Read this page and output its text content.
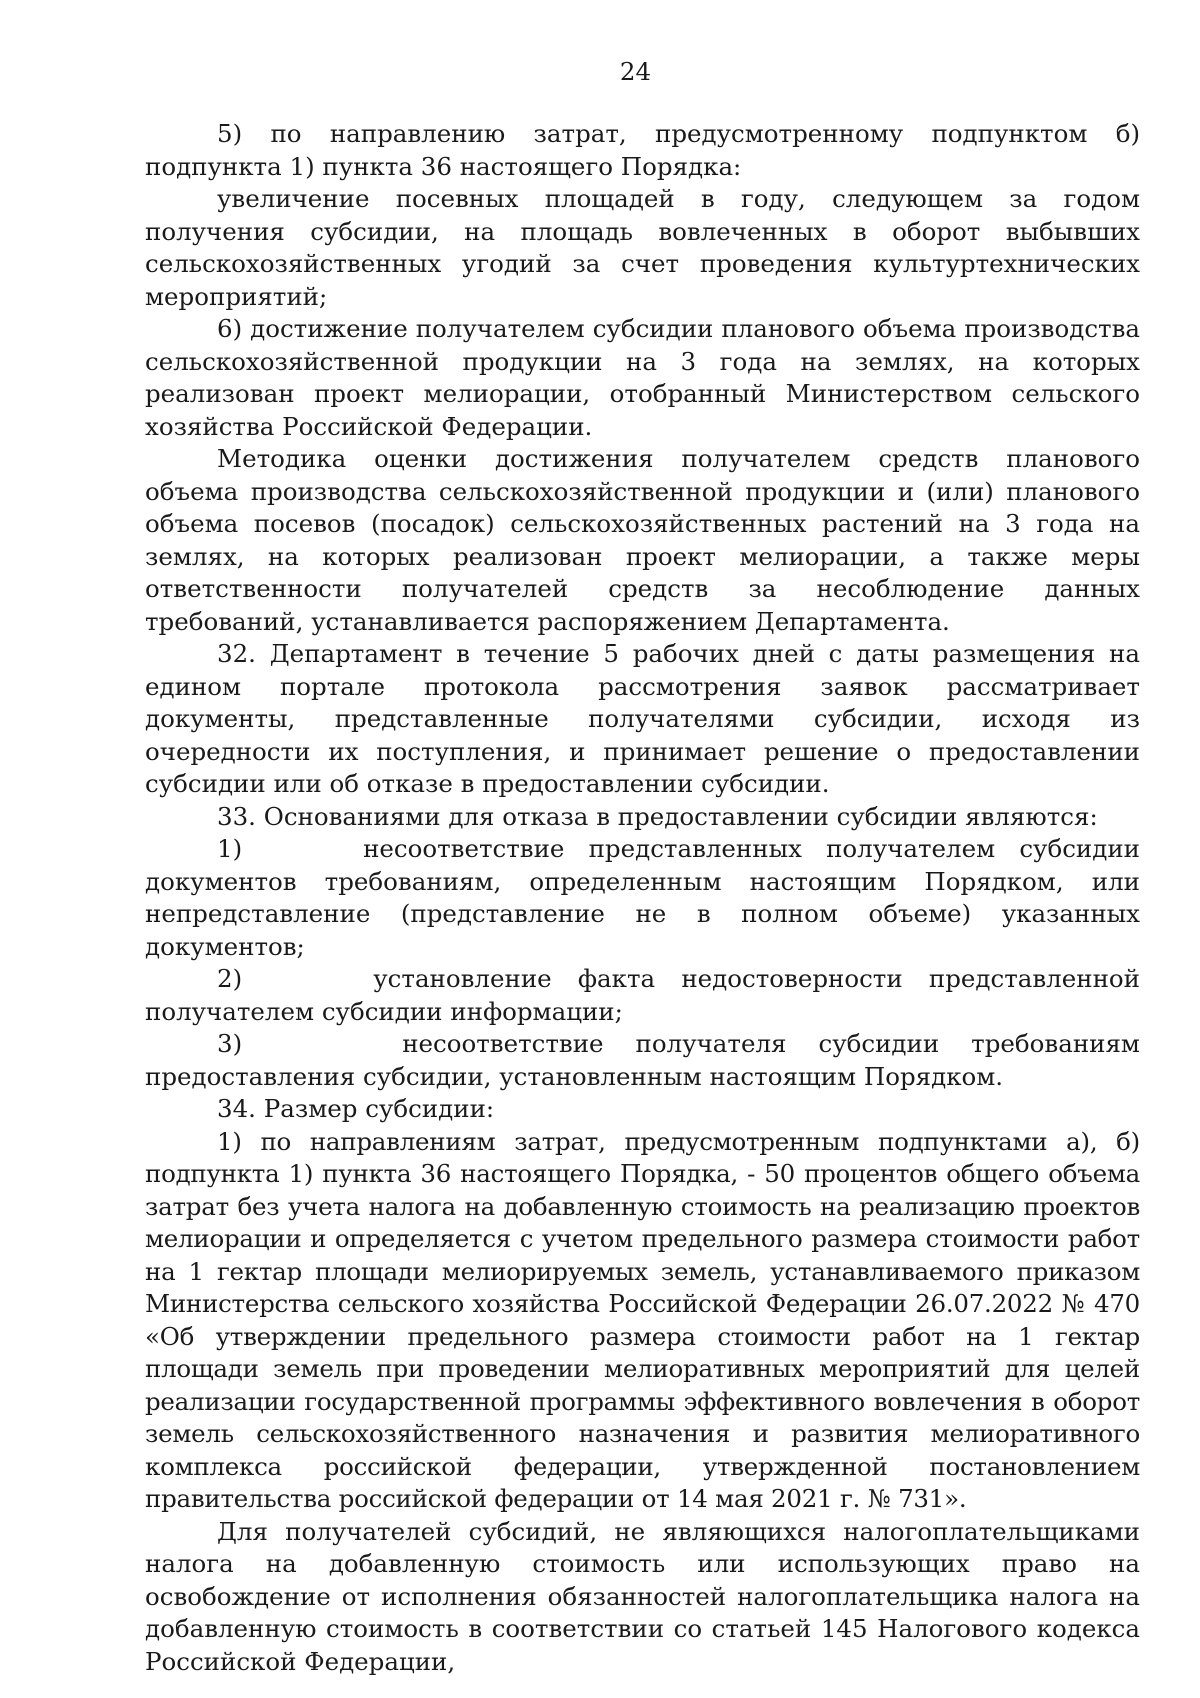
24

5) по направлению затрат, предусмотренному подпунктом б) подпункта 1) пункта 36 настоящего Порядка:

увеличение посевных площадей в году, следующем за годом получения субсидии, на площадь вовлеченных в оборот выбывших сельскохозяйственных угодий за счет проведения культуртехнических мероприятий;

6) достижение получателем субсидии планового объема производства сельскохозяйственной продукции на 3 года на землях, на которых реализован проект мелиорации, отобранный Министерством сельского хозяйства Российской Федерации.

Методика оценки достижения получателем средств планового объема производства сельскохозяйственной продукции и (или) планового объема посевов (посадок) сельскохозяйственных растений на 3 года на землях, на которых реализован проект мелиорации, а также меры ответственности получателей средств за несоблюдение данных требований, устанавливается распоряжением Департамента.

32. Департамент в течение 5 рабочих дней с даты размещения на едином портале протокола рассмотрения заявок рассматривает документы, представленные получателями субсидии, исходя из очередности их поступления, и принимает решение о предоставлении субсидии или об отказе в предоставлении субсидии.

33. Основаниями для отказа в предоставлении субсидии являются:

1)     несоответствие представленных получателем субсидии документов требованиям, определенным настоящим Порядком, или непредставление (представление не в полном объеме) указанных документов;

2)     установление факта недостоверности представленной получателем субсидии информации;

3)     несоответствие получателя субсидии требованиям предоставления субсидии, установленным настоящим Порядком.

34. Размер субсидии:

1) по направлениям затрат, предусмотренным подпунктами а), б) подпункта 1) пункта 36 настоящего Порядка, - 50 процентов общего объема затрат без учета налога на добавленную стоимость на реализацию проектов мелиорации и определяется с учетом предельного размера стоимости работ на 1 гектар площади мелиорируемых земель, устанавливаемого приказом Министерства сельского хозяйства Российской Федерации 26.07.2022 № 470 «Об утверждении предельного размера стоимости работ на 1 гектар площади земель при проведении мелиоративных мероприятий для целей реализации государственной программы эффективного вовлечения в оборот земель сельскохозяйственного назначения и развития мелиоративного комплекса российской федерации, утвержденной постановлением правительства российской федерации от 14 мая 2021 г. № 731».

Для получателей субсидий, не являющихся налогоплательщиками налога на добавленную стоимость или использующих право на освобождение от исполнения обязанностей налогоплательщика налога на добавленную стоимость в соответствии со статьей 145 Налогового кодекса Российской Федерации,
